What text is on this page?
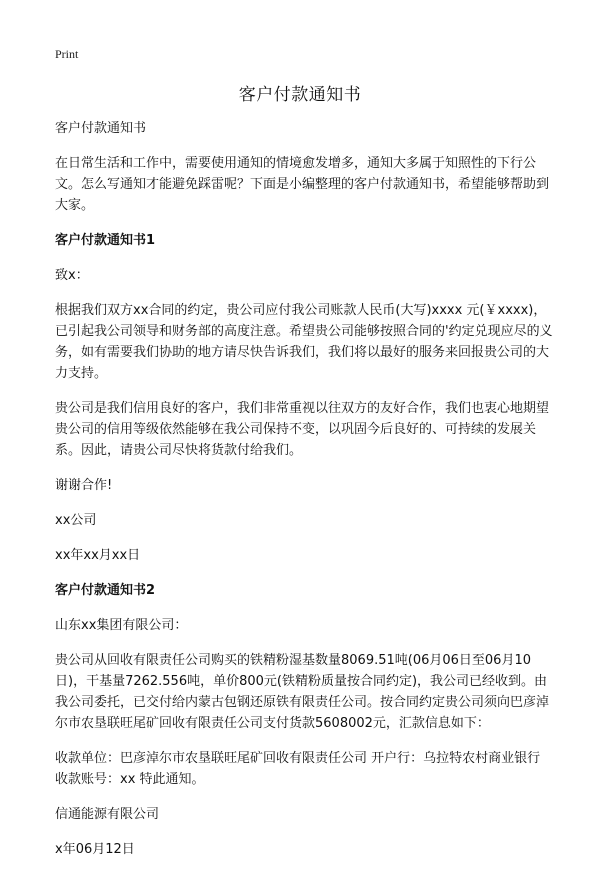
Print
客户付款通知书

客户付款通知书

在日常生活和工作中，需要使用通知的情境愈发增多，通知大多属于知照性的下行公文。怎么写通知才能避免踩雷呢？下面是小编整理的客户付款通知书，希望能够帮助到大家。

客户付款通知书1

致x：

根据我们双方xx合同的约定，贵公司应付我公司账款人民币(大写)xxxx 元(￥xxxx)，已引起我公司领导和财务部的高度注意。希望贵公司能够按照合同的'约定兑现应尽的义务，如有需要我们协助的地方请尽快告诉我们，我们将以最好的服务来回报贵公司的大力支持。

贵公司是我们信用良好的客户，我们非常重视以往双方的友好合作，我们也衷心地期望贵公司的信用等级依然能够在我公司保持不变，以巩固今后良好的、可持续的发展关系。因此，请贵公司尽快将货款付给我们。

谢谢合作!

xx公司

xx年xx月xx日

客户付款通知书2

山东xx集团有限公司：

贵公司从回收有限责任公司购买的铁精粉湿基数量8069.51吨(06月06日至06月10日)，干基量7262.556吨，单价800元(铁精粉质量按合同约定)，我公司已经收到。由我公司委托，已交付给内蒙古包钢还原铁有限责任公司。按合同约定贵公司须向巴彦淖尔市农垦联旺尾矿回收有限责任公司支付货款5608002元，汇款信息如下：

收款单位：巴彦淖尔市农垦联旺尾矿回收有限责任公司 开户行：乌拉特农村商业银行 收款账号：xx 特此通知。

信通能源有限公司

x年06月12日
